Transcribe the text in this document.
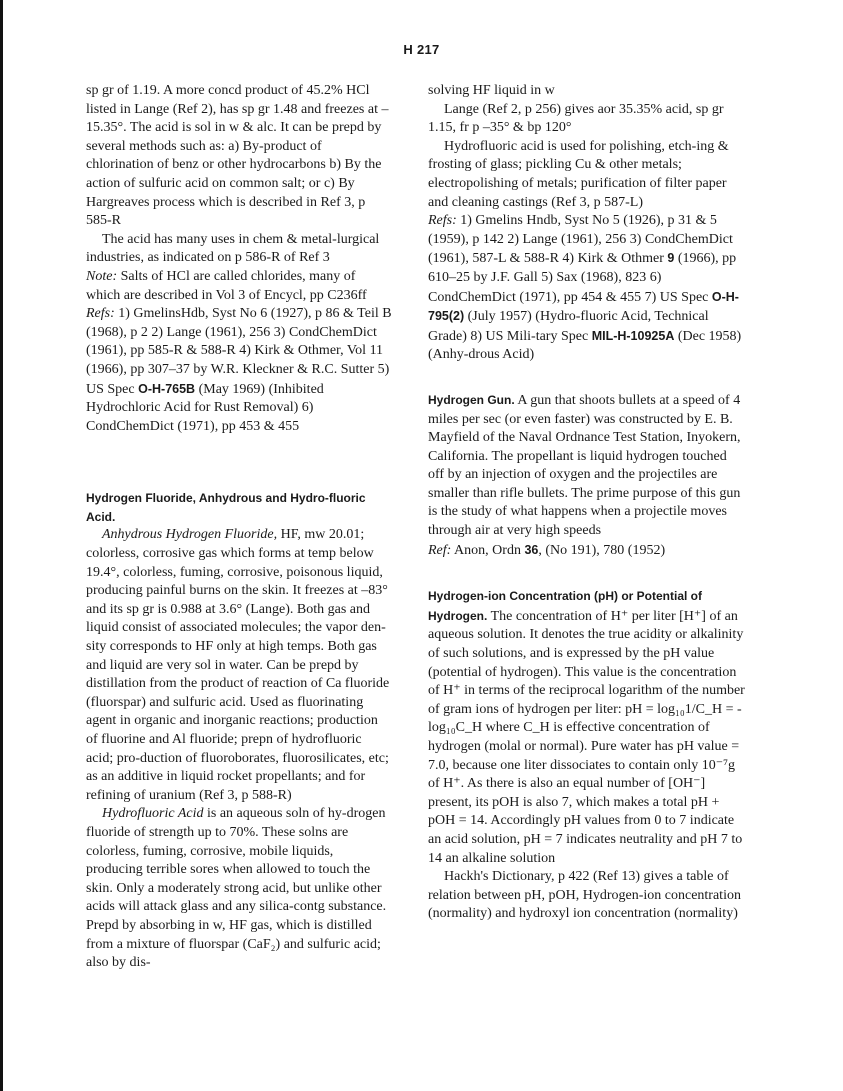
H 217

sp gr of 1.19. A more concd product of 45.2% HCl listed in Lange (Ref 2), has sp gr 1.48 and freezes at –15.35°. The acid is sol in w & alc. It can be prepd by several methods such as: a) By-product of chlorination of benz or other hydrocarbons b) By the action of sulfuric acid on common salt; or c) By Hargreaves process which is described in Ref 3, p 585-R

The acid has many uses in chem & metal-lurgical industries, as indicated on p 586-R of Ref 3

Note: Salts of HCl are called chlorides, many of which are described in Vol 3 of Encycl, pp C236ff

Refs: 1) GmelinsHdb, Syst No 6 (1927), p 86 & Teil B (1968), p 2 2) Lange (1961), 256 3) CondChemDict (1961), pp 585-R & 588-R 4) Kirk & Othmer, Vol 11 (1966), pp 307–37 by W.R. Kleckner & R.C. Sutter 5) US Spec O-H-765B (May 1969) (Inhibited Hydrochloric Acid for Rust Removal) 6) CondChemDict (1971), pp 453 & 455

Hydrogen Fluoride, Anhydrous and Hydro-fluoric Acid.

Anhydrous Hydrogen Fluoride, HF, mw 20.01; colorless, corrosive gas which forms at temp below 19.4°, colorless, fuming, corrosive, poisonous liquid, producing painful burns on the skin. It freezes at –83° and its sp gr is 0.988 at 3.6° (Lange). Both gas and liquid consist of associated molecules; the vapor den-sity corresponds to HF only at high temps. Both gas and liquid are very sol in water. Can be prepd by distillation from the product of reaction of Ca fluoride (fluorspar) and sulfuric acid. Used as fluorinating agent in organic and inorganic reactions; production of fluorine and Al fluoride; prepn of hydrofluoric acid; pro-duction of fluoroborates, fluorosilicates, etc; as an additive in liquid rocket propellants; and for refining of uranium (Ref 3, p 588-R)

Hydrofluoric Acid is an aqueous soln of hy-drogen fluoride of strength up to 70%. These solns are colorless, fuming, corrosive, mobile liquids, producing terrible sores when allowed to touch the skin. Only a moderately strong acid, but unlike other acids will attack glass and any silica-contg substance. Prepd by absorbing in w, HF gas, which is distilled from a mixture of fluorspar (CaF₂) and sulfuric acid; also by dis-

solving HF liquid in w

Lange (Ref 2, p 256) gives aor 35.35% acid, sp gr 1.15, fr p –35° & bp 120°

Hydrofluoric acid is used for polishing, etch-ing & frosting of glass; pickling Cu & other metals; electropolishing of metals; purification of filter paper and cleaning castings (Ref 3, p 587-L)

Refs: 1) Gmelins Hndb, Syst No 5 (1926), p 31 & 5 (1959), p 142 2) Lange (1961), 256 3) CondChemDict (1961), 587-L & 588-R 4) Kirk & Othmer 9 (1966), pp 610–25 by J.F. Gall 5) Sax (1968), 823 6) CondChemDict (1971), pp 454 & 455 7) US Spec O-H-795(2) (July 1957) (Hydro-fluoric Acid, Technical Grade) 8) US Mili-tary Spec MIL-H-10925A (Dec 1958) (Anhy-drous Acid)

Hydrogen Gun. A gun that shoots bullets at a speed of 4 miles per sec (or even faster) was constructed by E. B. Mayfield of the Naval Ordnance Test Station, Inyokern, California. The propellant is liquid hydrogen touched off by an injection of oxygen and the projectiles are smaller than rifle bullets. The prime purpose of this gun is the study of what happens when a projectile moves through air at very high speeds

Ref: Anon, Ordn 36, (No 191), 780 (1952)

Hydrogen-ion Concentration (pH) or Potential of Hydrogen. The concentration of H⁺ per liter [H⁺] of an aqueous solution. It denotes the true acidity or alkalinity of such solutions, and is expressed by the pH value (potential of hydrogen). This value is the concentration of H⁺ in terms of the reciprocal logarithm of the number of gram ions of hydrogen per liter: pH = log₁₀1/C_H = -log₁₀C_H where C_H is effective concentration of hydrogen (molal or normal). Pure water has pH value = 7.0, because one liter dissociates to contain only 10⁻⁷g of H⁺. As there is also an equal number of [OH⁻] present, its pOH is also 7, which makes a total pH + pOH = 14. Accordingly pH values from 0 to 7 indicate an acid solution, pH = 7 indicates neutrality and pH 7 to 14 an alkaline solution

Hackh's Dictionary, p 422 (Ref 13) gives a table of relation between pH, pOH, Hydrogen-ion concentration (normality) and hydroxyl ion concentration (normality)
